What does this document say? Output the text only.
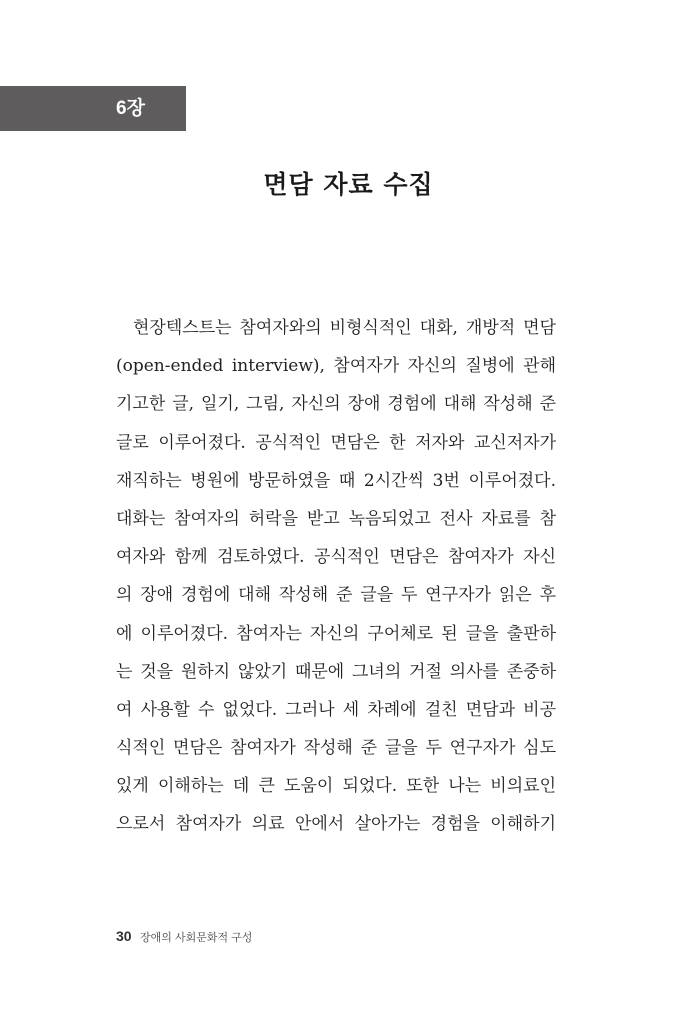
6장
면담 자료 수집
현장텍스트는 참여자와의 비형식적인 대화, 개방적 면담
(open-ended interview), 참여자가 자신의 질병에 관해
기고한 글, 일기, 그림, 자신의 장애 경험에 대해 작성해 준
글로 이루어졌다. 공식적인 면담은 한 저자와 교신저자가
재직하는 병원에 방문하였을 때 2시간씩 3번 이루어졌다.
대화는 참여자의 허락을 받고 녹음되었고 전사 자료를 참
여자와 함께 검토하였다. 공식적인 면담은 참여자가 자신
의 장애 경험에 대해 작성해 준 글을 두 연구자가 읽은 후
에 이루어졌다. 참여자는 자신의 구어체로 된 글을 출판하
는 것을 원하지 않았기 때문에 그녀의 거절 의사를 존중하
여 사용할 수 없었다. 그러나 세 차례에 걸친 면담과 비공
식적인 면담은 참여자가 작성해 준 글을 두 연구자가 심도
있게 이해하는 데 큰 도움이 되었다. 또한 나는 비의료인
으로서 참여자가 의료 안에서 살아가는 경험을 이해하기
30 장애의 사회문화적 구성
